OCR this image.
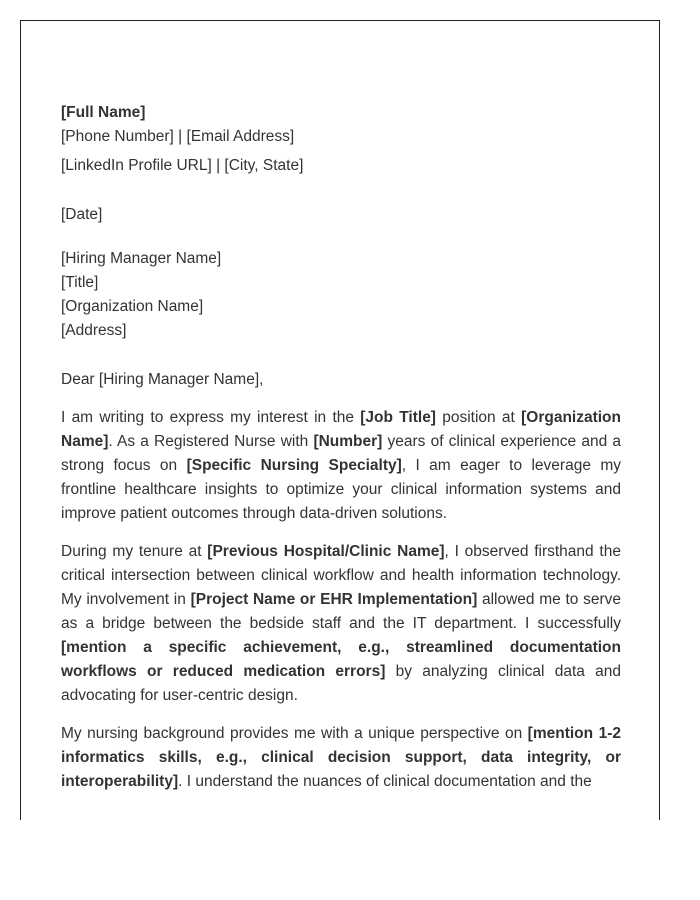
[Full Name]
[Phone Number] | [Email Address]
[LinkedIn Profile URL] | [City, State]
[Date]
[Hiring Manager Name]
[Title]
[Organization Name]
[Address]
Dear [Hiring Manager Name],

I am writing to express my interest in the [Job Title] position at [Organization Name]. As a Registered Nurse with [Number] years of clinical experience and a strong focus on [Specific Nursing Specialty], I am eager to leverage my frontline healthcare insights to optimize your clinical information systems and improve patient outcomes through data-driven solutions.

During my tenure at [Previous Hospital/Clinic Name], I observed firsthand the critical intersection between clinical workflow and health information technology. My involvement in [Project Name or EHR Implementation] allowed me to serve as a bridge between the bedside staff and the IT department. I successfully [mention a specific achievement, e.g., streamlined documentation workflows or reduced medication errors] by analyzing clinical data and advocating for user-centric design.

My nursing background provides me with a unique perspective on [mention 1-2 informatics skills, e.g., clinical decision support, data integrity, or interoperability]. I understand the nuances of clinical documentation and the
